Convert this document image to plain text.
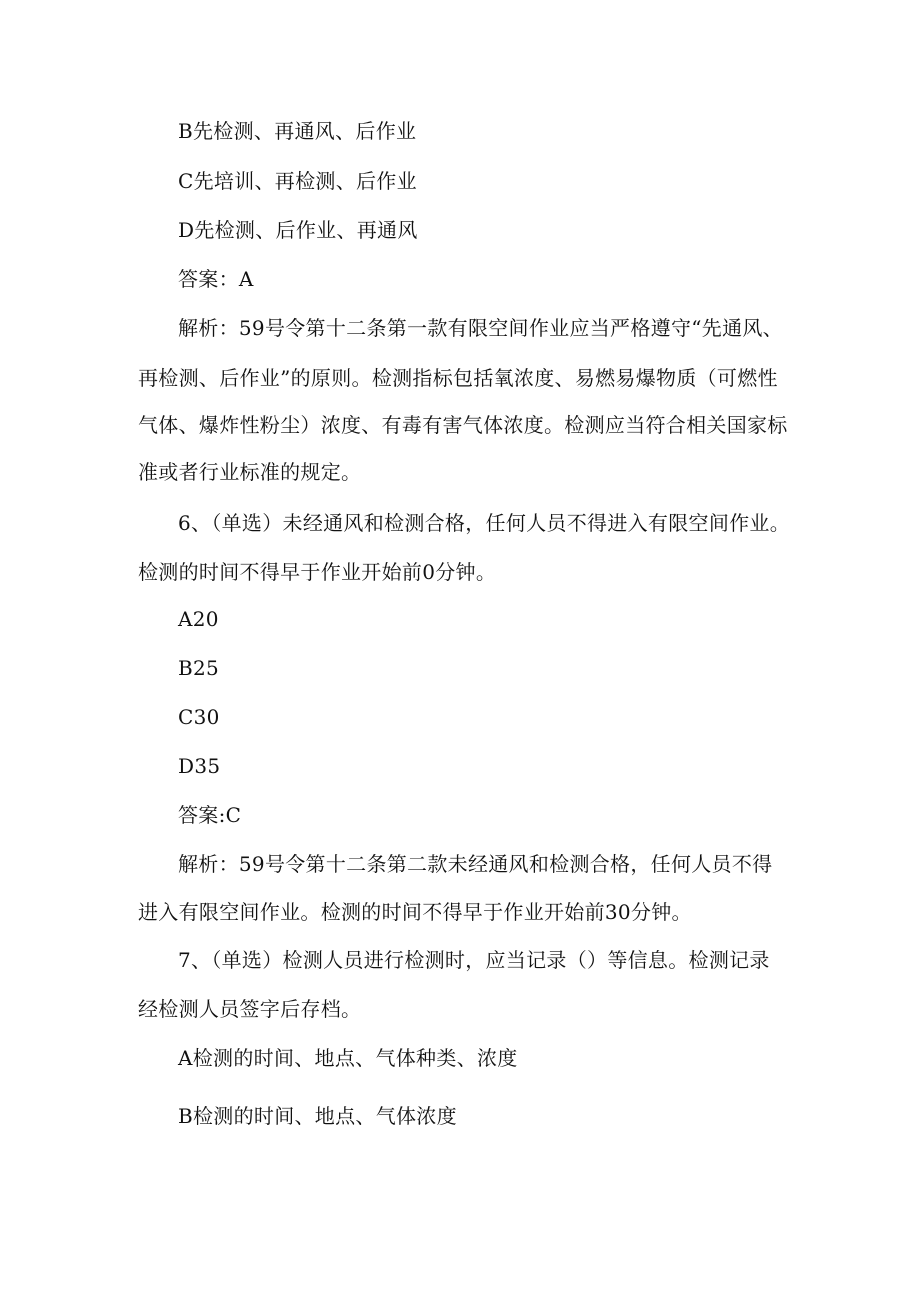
B先检测、再通风、后作业
C先培训、再检测、后作业
D先检测、后作业、再通风
答案：A
解析：59号令第十二条第一款有限空间作业应当严格遵守“先通风、
再检测、后作业”的原则。检测指标包括氧浓度、易燃易爆物质（可燃性
气体、爆炸性粉尘）浓度、有毒有害气体浓度。检测应当符合相关国家标
准或者行业标准的规定。
6、（单选）未经通风和检测合格，任何人员不得进入有限空间作业。
检测的时间不得早于作业开始前0分钟。
A20
B25
C30
D35
答案:C
解析：59号令第十二条第二款未经通风和检测合格，任何人员不得
进入有限空间作业。检测的时间不得早于作业开始前30分钟。
7、（单选）检测人员进行检测时，应当记录（）等信息。检测记录
经检测人员签字后存档。
A检测的时间、地点、气体种类、浓度
B检测的时间、地点、气体浓度
